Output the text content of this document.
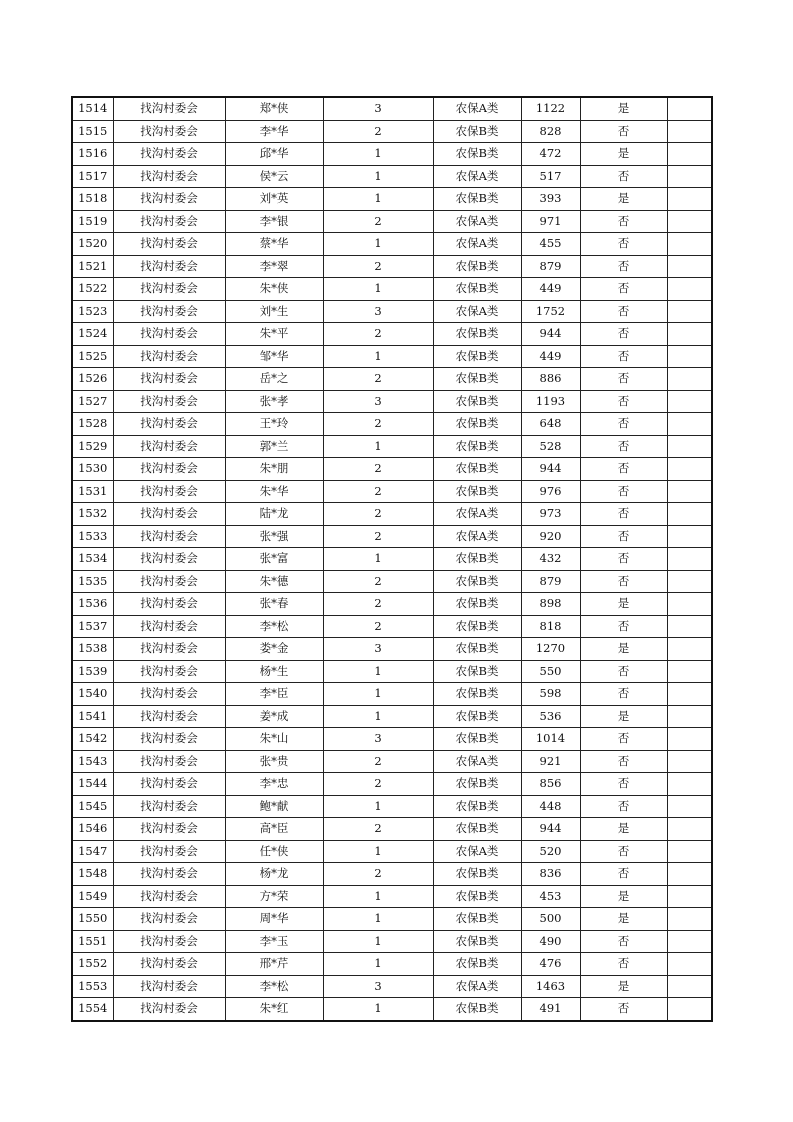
1514	找沟村委会	郑*侠	3	农保A类	1122	是	
1515	找沟村委会	李*华	2	农保B类	828	否	
1516	找沟村委会	邱*华	1	农保B类	472	是	
1517	找沟村委会	侯*云	1	农保A类	517	否	
1518	找沟村委会	刘*英	1	农保B类	393	是	
1519	找沟村委会	李*银	2	农保A类	971	否	
1520	找沟村委会	蔡*华	1	农保A类	455	否	
1521	找沟村委会	李*翠	2	农保B类	879	否	
1522	找沟村委会	朱*侠	1	农保B类	449	否	
1523	找沟村委会	刘*生	3	农保A类	1752	否	
1524	找沟村委会	朱*平	2	农保B类	944	否	
1525	找沟村委会	邹*华	1	农保B类	449	否	
1526	找沟村委会	岳*之	2	农保B类	886	否	
1527	找沟村委会	张*孝	3	农保B类	1193	否	
1528	找沟村委会	王*玲	2	农保B类	648	否	
1529	找沟村委会	郭*兰	1	农保B类	528	否	
1530	找沟村委会	朱*朋	2	农保B类	944	否	
1531	找沟村委会	朱*华	2	农保B类	976	否	
1532	找沟村委会	陆*龙	2	农保A类	973	否	
1533	找沟村委会	张*强	2	农保A类	920	否	
1534	找沟村委会	张*富	1	农保B类	432	否	
1535	找沟村委会	朱*德	2	农保B类	879	否	
1536	找沟村委会	张*春	2	农保B类	898	是	
1537	找沟村委会	李*松	2	农保B类	818	否	
1538	找沟村委会	娄*金	3	农保B类	1270	是	
1539	找沟村委会	杨*生	1	农保B类	550	否	
1540	找沟村委会	李*臣	1	农保B类	598	否	
1541	找沟村委会	姜*成	1	农保B类	536	是	
1542	找沟村委会	朱*山	3	农保B类	1014	否	
1543	找沟村委会	张*贵	2	农保A类	921	否	
1544	找沟村委会	李*忠	2	农保B类	856	否	
1545	找沟村委会	鲍*献	1	农保B类	448	否	
1546	找沟村委会	高*臣	2	农保B类	944	是	
1547	找沟村委会	任*侠	1	农保A类	520	否	
1548	找沟村委会	杨*龙	2	农保B类	836	否	
1549	找沟村委会	方*荣	1	农保B类	453	是	
1550	找沟村委会	周*华	1	农保B类	500	是	
1551	找沟村委会	李*玉	1	农保B类	490	否	
1552	找沟村委会	邢*芹	1	农保B类	476	否	
1553	找沟村委会	李*松	3	农保A类	1463	是	
1554	找沟村委会	朱*红	1	农保B类	491	否	
